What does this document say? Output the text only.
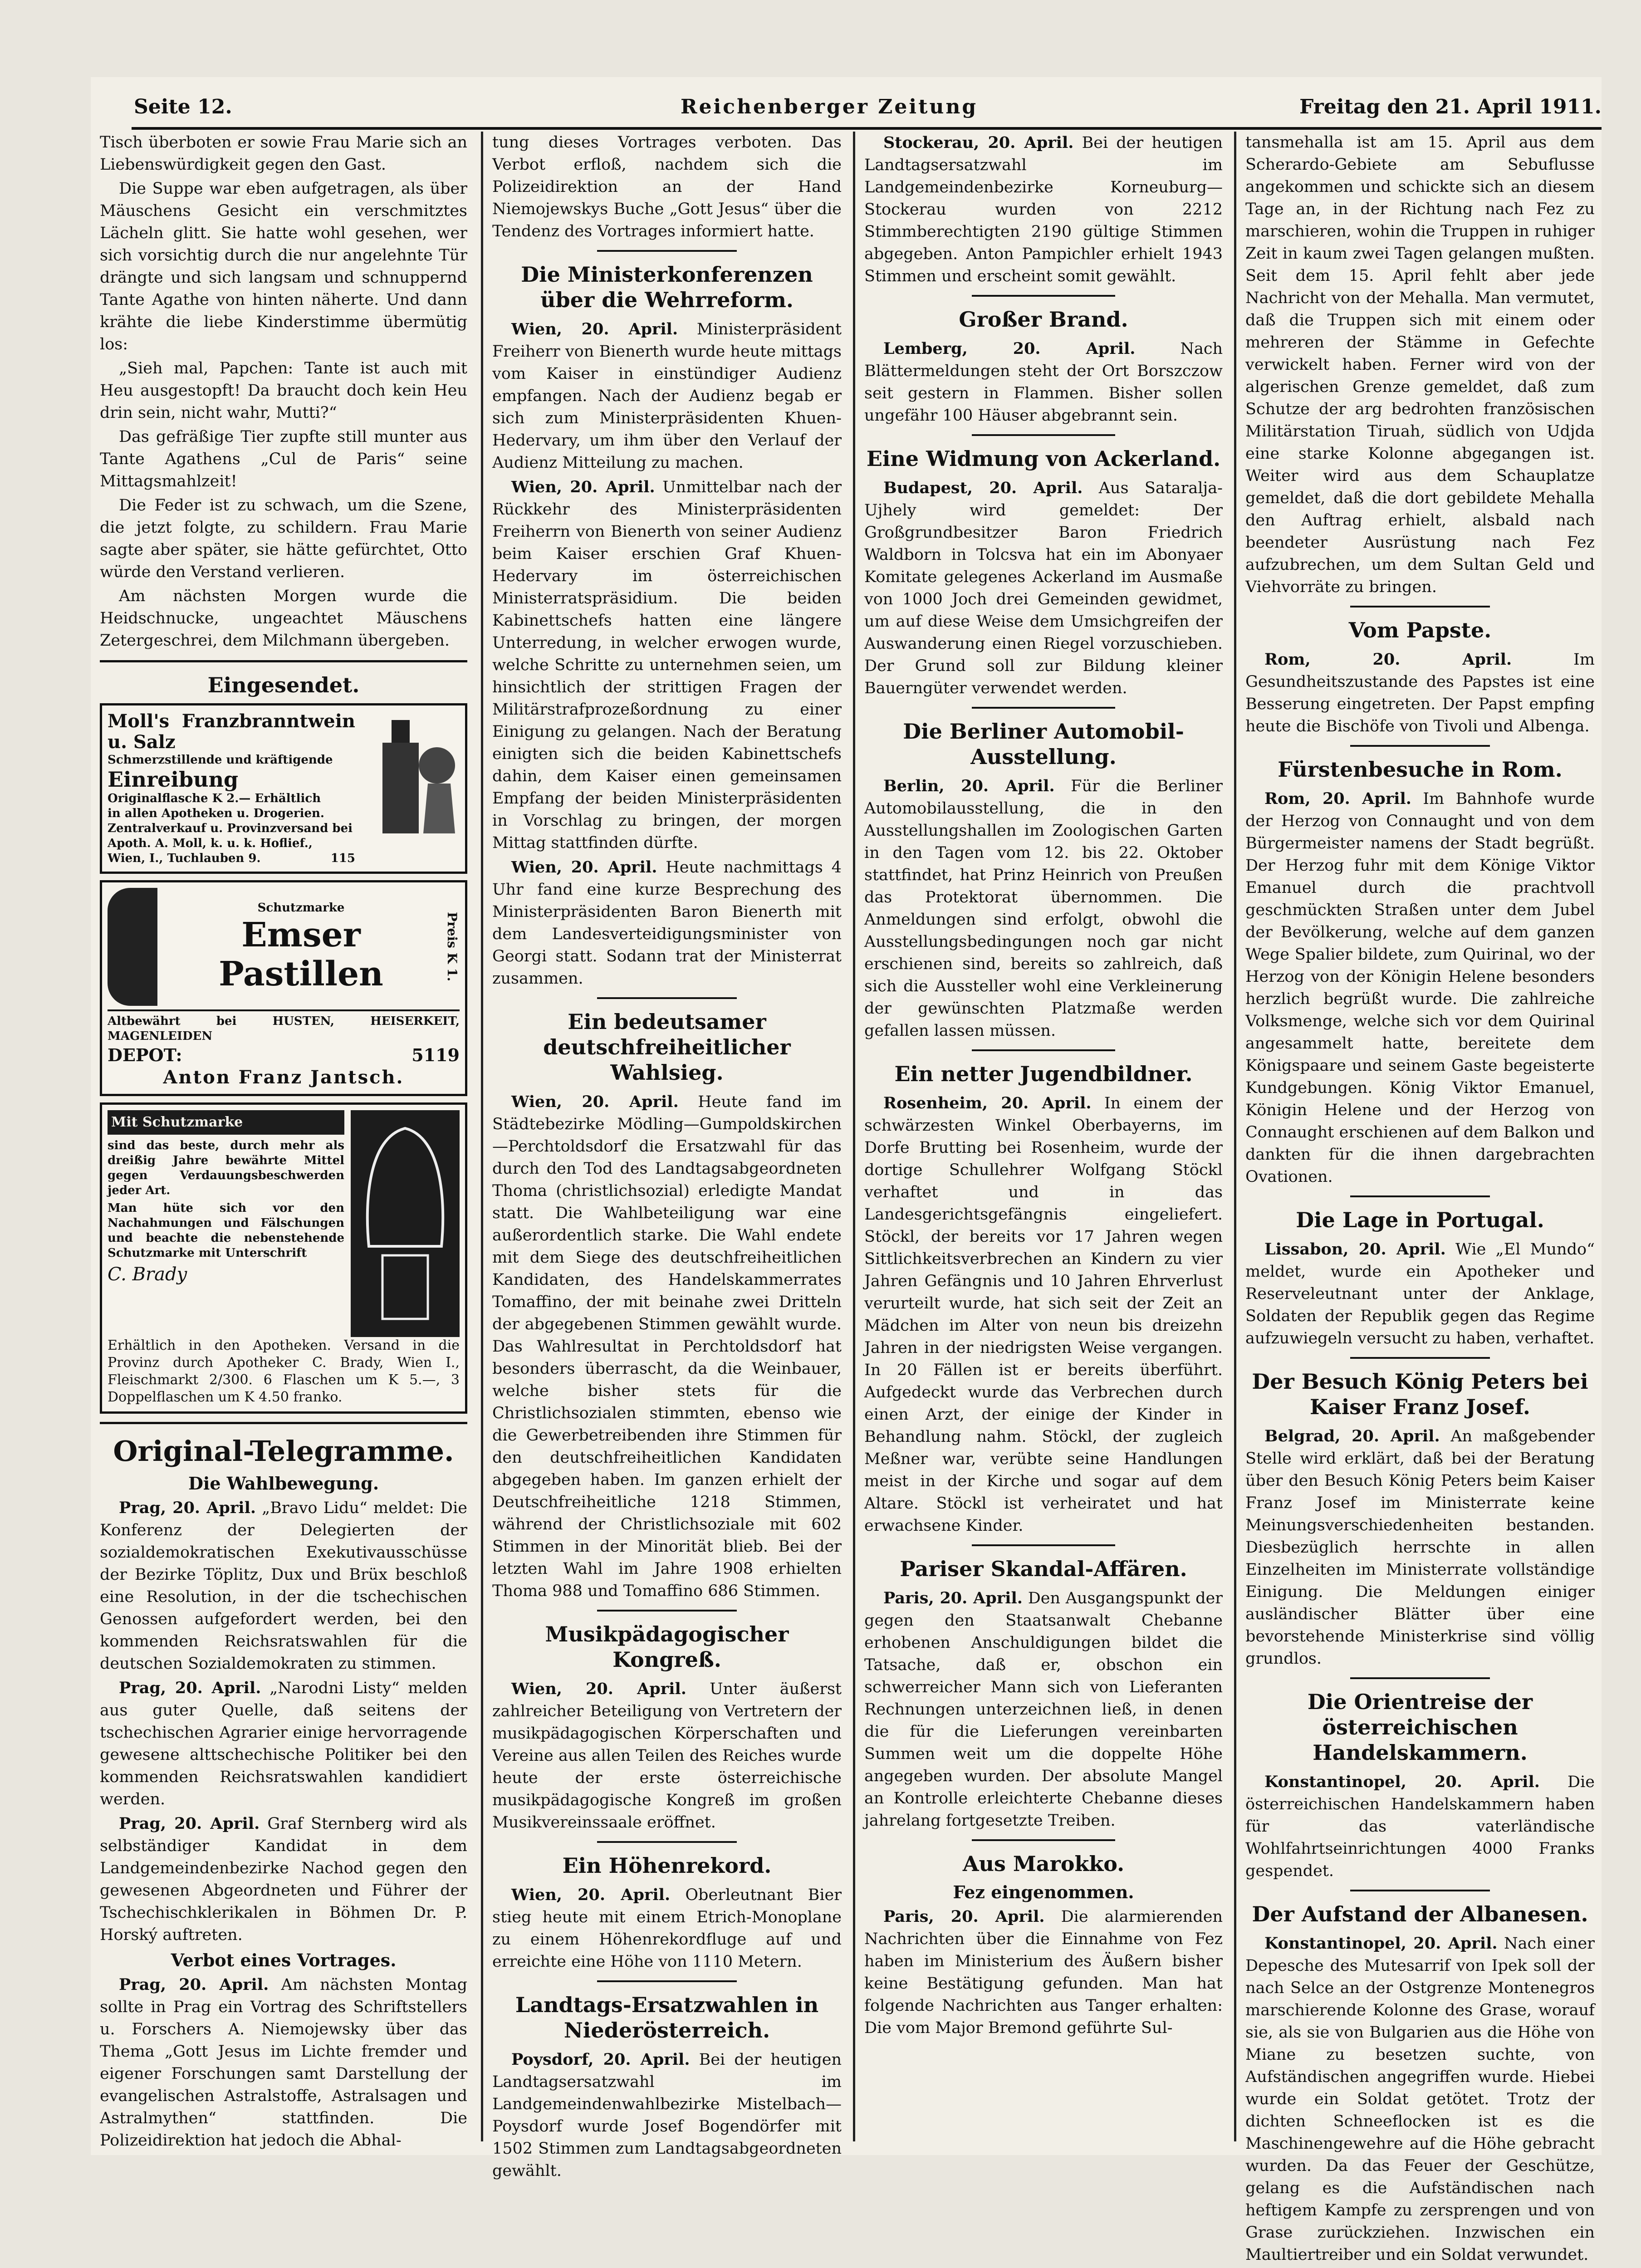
Seite 12.	Reichenberger Zeitung	Freitag den 21. April 1911.

Tisch überboten er sowie Frau Marie sich an Liebenswürdigkeit gegen den Gast.

Die Suppe war eben aufgetragen, als über Mäuschens Gesicht ein verschmitztes Lächeln glitt. Sie hatte wohl gesehen, wer sich vorsichtig durch die nur angelehnte Tür drängte und sich langsam und schnuppernd Tante Agathe von hinten näherte. Und dann krähte die liebe Kinderstimme übermütig los:

„Sieh mal, Papchen: Tante ist auch mit Heu ausgestopft! Da braucht doch kein Heu drin sein, nicht wahr, Mutti?“

Das gefräßige Tier zupfte still munter aus Tante Agathens „Cul de Paris“ seine Mittagsmahlzeit!

Die Feder ist zu schwach, um die Szene, die jetzt folgte, zu schildern. Frau Marie sagte aber später, sie hätte gefürchtet, Otto würde den Verstand verlieren.

Am nächsten Morgen wurde die Heidschnucke, ungeachtet Mäuschens Zetergeschrei, dem Milchmann übergeben.

Eingesendet.
Moll's Franzbranntwein u. Salz
Schmerzstillende und kräftigende
Einreibung
Originalflasche K 2.— Erhältlich
in allen Apotheken u. Drogerien.
Zentralverkauf u. Provinzversand bei
Apoth. A. Moll, k. u. k. Hoflief.,
Wien, I., Tuchlauben 9.	115
Schutzmarke
Emser Pastillen	Preis K 1.
Altbewährt bei HUSTEN, HEISERKEIT, MAGENLEIDEN
DEPOT:	5119
Anton Franz Jantsch.
Mit Schutzmarke
sind das beste, durch mehr als dreißig Jahre bewährte Mittel gegen Verdauungsbeschwerden jeder Art.
Man hüte sich vor den Nachahmungen und Fälschungen und beachte die nebenstehende Schutzmarke mit Unterschrift
C. Brady
Erhältlich in den Apotheken. Versand in die Provinz durch Apotheker C. Brady, Wien I., Fleischmarkt 2/300. 6 Flaschen um K 5.—, 3 Doppelflaschen um K 4.50 franko.
Original-Telegramme.
Die Wahlbewegung.

Prag, 20. April. „Bravo Lidu“ meldet: Die Konferenz der Delegierten der sozialdemokratischen Exekutivausschüsse der Bezirke Töplitz, Dux und Brüx beschloß eine Resolution, in der die tschechischen Genossen aufgefordert werden, bei den kommenden Reichsratswahlen für die deutschen Sozialdemokraten zu stimmen.

Prag, 20. April. „Narodni Listy“ melden aus guter Quelle, daß seitens der tschechischen Agrarier einige hervorragende gewesene alttschechische Politiker bei den kommenden Reichsratswahlen kandidiert werden.

Prag, 20. April. Graf Sternberg wird als selbständiger Kandidat in dem Landgemeindenbezirke Nachod gegen den gewesenen Abgeordneten und Führer der Tschechischklerikalen in Böhmen Dr. P. Horský auftreten.

Verbot eines Vortrages.

Prag, 20. April. Am nächsten Montag sollte in Prag ein Vortrag des Schriftstellers u. Forschers A. Niemojewsky über das Thema „Gott Jesus im Lichte fremder und eigener Forschungen samt Darstellung der evangelischen Astralstoffe, Astralsagen und Astralmythen“ stattfinden. Die Polizeidirektion hat jedoch die Abhal-

tung dieses Vortrages verboten. Das Verbot erfloß, nachdem sich die Polizeidirektion an der Hand Niemojewskys Buche „Gott Jesus“ über die Tendenz des Vortrages informiert hatte.

Die Ministerkonferenzen über die Wehrreform.

Wien, 20. April. Ministerpräsident Freiherr von Bienerth wurde heute mittags vom Kaiser in einstündiger Audienz empfangen. Nach der Audienz begab er sich zum Ministerpräsidenten Khuen-Hedervary, um ihm über den Verlauf der Audienz Mitteilung zu machen.

Wien, 20. April. Unmittelbar nach der Rückkehr des Ministerpräsidenten Freiherrn von Bienerth von seiner Audienz beim Kaiser erschien Graf Khuen-Hedervary im österreichischen Ministerratspräsidium. Die beiden Kabinettschefs hatten eine längere Unterredung, in welcher erwogen wurde, welche Schritte zu unternehmen seien, um hinsichtlich der strittigen Fragen der Militärstrafprozeßordnung zu einer Einigung zu gelangen. Nach der Beratung einigten sich die beiden Kabinettschefs dahin, dem Kaiser einen gemeinsamen Empfang der beiden Ministerpräsidenten in Vorschlag zu bringen, der morgen Mittag stattfinden dürfte.

Wien, 20. April. Heute nachmittags 4 Uhr fand eine kurze Besprechung des Ministerpräsidenten Baron Bienerth mit dem Landesverteidigungsminister von Georgi statt. Sodann trat der Ministerrat zusammen.

Ein bedeutsamer deutschfreiheitlicher Wahlsieg.

Wien, 20. April. Heute fand im Städtebezirke Mödling—Gumpoldskirchen—Perchtoldsdorf die Ersatzwahl für das durch den Tod des Landtagsabgeordneten Thoma (christlichsozial) erledigte Mandat statt. Die Wahlbeteiligung war eine außerordentlich starke. Die Wahl endete mit dem Siege des deutschfreiheitlichen Kandidaten, des Handelskammerrates Tomaffino, der mit beinahe zwei Dritteln der abgegebenen Stimmen gewählt wurde. Das Wahlresultat in Perchtoldsdorf hat besonders überrascht, da die Weinbauer, welche bisher stets für die Christlichsozialen stimmten, ebenso wie die Gewerbetreibenden ihre Stimmen für den deutschfreiheitlichen Kandidaten abgegeben haben. Im ganzen erhielt der Deutschfreiheitliche 1218 Stimmen, während der Christlichsoziale mit 602 Stimmen in der Minorität blieb. Bei der letzten Wahl im Jahre 1908 erhielten Thoma 988 und Tomaffino 686 Stimmen.

Musikpädagogischer Kongreß.

Wien, 20. April. Unter äußerst zahlreicher Beteiligung von Vertretern der musikpädagogischen Körperschaften und Vereine aus allen Teilen des Reiches wurde heute der erste österreichische musikpädagogische Kongreß im großen Musikvereinssaale eröffnet.

Ein Höhenrekord.

Wien, 20. April. Oberleutnant Bier stieg heute mit einem Etrich-Monoplane zu einem Höhenrekordfluge auf und erreichte eine Höhe von 1110 Metern.

Landtags-Ersatzwahlen in Niederösterreich.

Poysdorf, 20. April. Bei der heutigen Landtagsersatzwahl im Landgemeindenwahlbezirke Mistelbach—Poysdorf wurde Josef Bogendörfer mit 1502 Stimmen zum Landtagsabgeordneten gewählt.

Stockerau, 20. April. Bei der heutigen Landtagsersatzwahl im Landgemeindenbezirke Korneuburg—Stockerau wurden von 2212 Stimmberechtigten 2190 gültige Stimmen abgegeben. Anton Pampichler erhielt 1943 Stimmen und erscheint somit gewählt.

Großer Brand.

Lemberg, 20. April.	Nach Blättermeldungen steht der Ort Borszczow seit gestern in Flammen. Bisher sollen ungefähr 100 Häuser abgebrannt sein.

Eine Widmung von Ackerland.

Budapest, 20. April. Aus Sataralja-Ujhely wird gemeldet: Der Großgrundbesitzer Baron Friedrich Waldborn in Tolcsva hat ein im Abonyaer Komitate gelegenes Ackerland im Ausmaße von 1000 Joch drei Gemeinden gewidmet, um auf diese Weise dem Umsichgreifen der Auswanderung einen Riegel vorzuschieben. Der Grund soll zur Bildung kleiner Bauerngüter verwendet werden.

Die Berliner Automobil-Ausstellung.

Berlin, 20. April. Für die Berliner Automobilausstellung, die in den Ausstellungshallen im Zoologischen Garten in den Tagen vom 12. bis 22. Oktober stattfindet, hat Prinz Heinrich von Preußen das Protektorat übernommen. Die Anmeldungen sind erfolgt, obwohl die Ausstellungsbedingungen noch gar nicht erschienen sind, bereits so zahlreich, daß sich die Aussteller wohl eine Verkleinerung der gewünschten Platzmaße werden gefallen lassen müssen.

Ein netter Jugendbildner.

Rosenheim, 20. April. In einem der schwärzesten Winkel Oberbayerns, im Dorfe Brutting bei Rosenheim, wurde der dortige Schullehrer Wolfgang Stöckl verhaftet und in das Landesgerichtsgefängnis eingeliefert. Stöckl, der bereits vor 17 Jahren wegen Sittlichkeitsverbrechen an Kindern zu vier Jahren Gefängnis und 10 Jahren Ehrverlust verurteilt wurde, hat sich seit der Zeit an Mädchen im Alter von neun bis dreizehn Jahren in der niedrigsten Weise vergangen. In 20 Fällen ist er bereits überführt. Aufgedeckt wurde das Verbrechen durch einen Arzt, der einige der Kinder in Behandlung nahm. Stöckl, der zugleich Meßner war, verübte seine Handlungen meist in der Kirche und sogar auf dem Altare. Stöckl ist verheiratet und hat erwachsene Kinder.

Pariser Skandal-Affären.

Paris, 20. April. Den Ausgangspunkt der gegen den Staatsanwalt Chebanne erhobenen Anschuldigungen bildet die Tatsache, daß er, obschon ein schwerreicher Mann sich von Lieferanten Rechnungen unterzeichnen ließ, in denen die für die Lieferungen vereinbarten Summen weit um die doppelte Höhe angegeben wurden. Der absolute Mangel an Kontrolle erleichterte Chebanne dieses jahrelang fortgesetzte Treiben.

Aus Marokko.
Fez eingenommen.

Paris, 20. April. Die alarmierenden Nachrichten über die Einnahme von Fez haben im Ministerium des Äußern bisher keine Bestätigung gefunden. Man hat folgende Nachrichten aus Tanger erhalten: Die vom Major Bremond geführte Sul-

tansmehalla ist am 15. April aus dem Scherardo-Gebiete am Sebuflusse angekommen und schickte sich an diesem Tage an, in der Richtung nach Fez zu marschieren, wohin die Truppen in ruhiger Zeit in kaum zwei Tagen gelangen mußten. Seit dem 15. April fehlt aber jede Nachricht von der Mehalla. Man vermutet, daß die Truppen sich mit einem oder mehreren der Stämme in Gefechte verwickelt haben. Ferner wird von der algerischen Grenze gemeldet, daß zum Schutze der arg bedrohten französischen Militärstation Tiruah, südlich von Udjda eine starke Kolonne abgegangen ist. Weiter wird aus dem Schauplatze gemeldet, daß die dort gebildete Mehalla den Auftrag erhielt, alsbald nach beendeter Ausrüstung nach Fez aufzubrechen, um dem Sultan Geld und Viehvorräte zu bringen.

Vom Papste.

Rom, 20. April.	Im Gesundheitszustande des Papstes ist eine Besserung eingetreten. Der Papst empfing heute die Bischöfe von Tivoli und Albenga.

Fürstenbesuche in Rom.

Rom, 20. April. Im Bahnhofe wurde der Herzog von Connaught und von dem Bürgermeister namens der Stadt begrüßt. Der Herzog fuhr mit dem Könige Viktor Emanuel durch die prachtvoll geschmückten Straßen unter dem Jubel der Bevölkerung, welche auf dem ganzen Wege Spalier bildete, zum Quirinal, wo der Herzog von der Königin Helene besonders herzlich begrüßt wurde. Die zahlreiche Volksmenge, welche sich vor dem Quirinal angesammelt hatte, bereitete dem Königspaare und seinem Gaste begeisterte Kundgebungen. König Viktor Emanuel, Königin Helene und der Herzog von Connaught erschienen auf dem Balkon und dankten für die ihnen dargebrachten Ovationen.

Die Lage in Portugal.

Lissabon, 20. April. Wie „El Mundo“ meldet, wurde ein Apotheker und Reserveleutnant unter der Anklage, Soldaten der Republik gegen das Regime aufzuwiegeln versucht zu haben, verhaftet.

Der Besuch König Peters bei Kaiser Franz Josef.

Belgrad, 20. April. An maßgebender Stelle wird erklärt, daß bei der Beratung über den Besuch König Peters beim Kaiser Franz Josef im Ministerrate keine Meinungsverschiedenheiten bestanden. Diesbezüglich herrschte in allen Einzelheiten im Ministerrate vollständige Einigung. Die Meldungen einiger ausländischer Blätter über eine bevorstehende Ministerkrise sind völlig grundlos.

Die Orientreise der österreichischen Handelskammern.

Konstantinopel, 20. April. Die österreichischen Handelskammern haben für das vaterländische Wohlfahrtseinrichtungen 4000 Franks gespendet.

Der Aufstand der Albanesen.

Konstantinopel, 20. April. Nach einer Depesche des Mutesarrif von Ipek soll der nach Selce an der Ostgrenze Montenegros marschierende Kolonne des Grase, worauf sie, als sie von Bulgarien aus die Höhe von Miane zu besetzen suchte, von Aufständischen angegriffen wurde. Hiebei wurde ein Soldat getötet. Trotz der dichten Schneeflocken ist es die Maschinengewehre auf die Höhe gebracht wurden. Da das Feuer der Geschütze, gelang es die Aufständischen nach heftigem Kampfe zu zersprengen und von Grase zurückziehen. Inzwischen ein Maultiertreiber und ein Soldat verwundet.
